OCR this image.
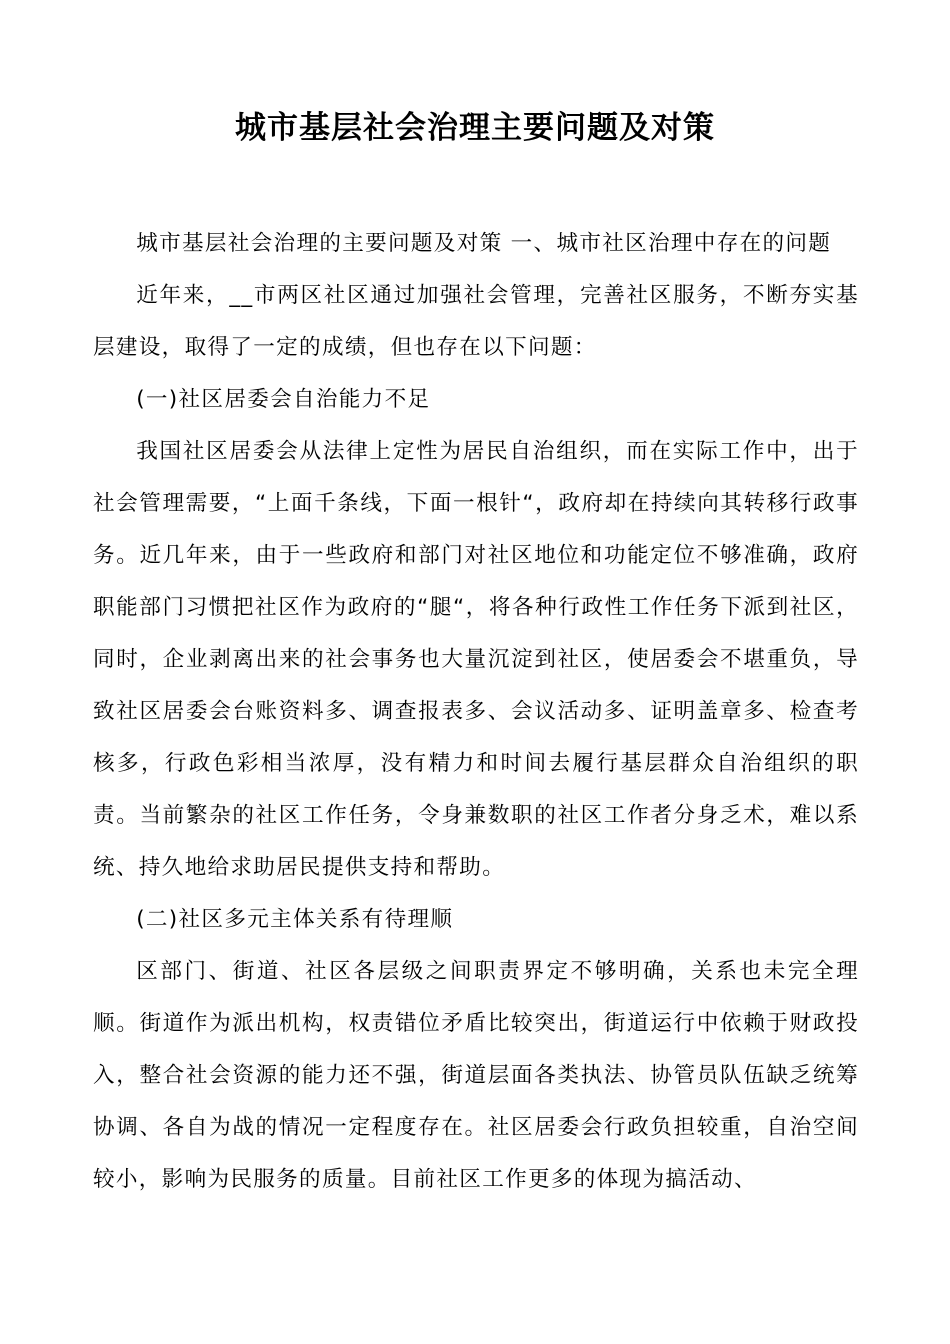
城市基层社会治理主要问题及对策

城市基层社会治理的主要问题及对策 一、城市社区治理中存在的问题

近年来，__市两区社区通过加强社会管理，完善社区服务，不断夯实基层建设，取得了一定的成绩，但也存在以下问题：

(一)社区居委会自治能力不足

我国社区居委会从法律上定性为居民自治组织，而在实际工作中，出于社会管理需要，“上面千条线，下面一根针“，政府却在持续向其转移行政事务。近几年来，由于一些政府和部门对社区地位和功能定位不够准确，政府职能部门习惯把社区作为政府的“腿“，将各种行政性工作任务下派到社区，同时，企业剥离出来的社会事务也大量沉淀到社区，使居委会不堪重负，导致社区居委会台账资料多、调查报表多、会议活动多、证明盖章多、检查考核多，行政色彩相当浓厚，没有精力和时间去履行基层群众自治组织的职责。当前繁杂的社区工作任务，令身兼数职的社区工作者分身乏术，难以系统、持久地给求助居民提供支持和帮助。

(二)社区多元主体关系有待理顺

区部门、街道、社区各层级之间职责界定不够明确，关系也未完全理顺。街道作为派出机构，权责错位矛盾比较突出，街道运行中依赖于财政投入，整合社会资源的能力还不强，街道层面各类执法、协管员队伍缺乏统筹协调、各自为战的情况一定程度存在。社区居委会行政负担较重，自治空间较小，影响为民服务的质量。目前社区工作更多的体现为搞活动、
